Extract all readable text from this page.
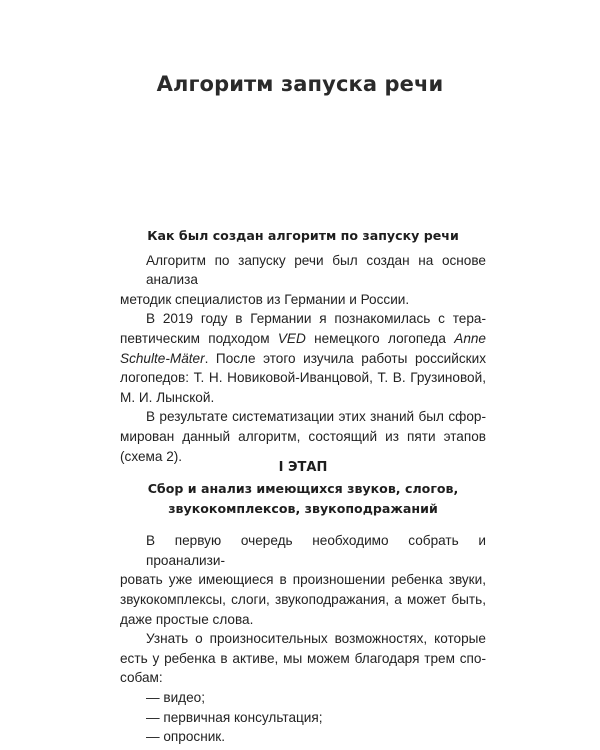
Алгоритм запуска речи

Как был создан алгоритм по запуску речи

Алгоритм по запуску речи был создан на основе анализа
методик специалистов из Германии и России.
В 2019 году в Германии я познакомилась с тера-
певтическим подходом VED немецкого логопеда Anne
Schulte-Mäter. После этого изучила работы российских
логопедов: Т. Н. Новиковой-Иванцовой, Т. В. Грузиновой,
М. И. Лынской.
В результате систематизации этих знаний был сфор-
мирован данный алгоритм, состоящий из пяти этапов
(схема 2).

I ЭТАП

Сбор и анализ имеющихся звуков, слогов,

звукокомплексов, звукоподражаний

В первую очередь необходимо собрать и проанализи-
ровать уже имеющиеся в произношении ребенка звуки,
звукокомплексы, слоги, звукоподражания, а может быть,
даже простые слова.
Узнать о произносительных возможностях, которые
есть у ребенка в активе, мы можем благодаря трем спо-
собам:
— видео;
— первичная консультация;
— опросник.
